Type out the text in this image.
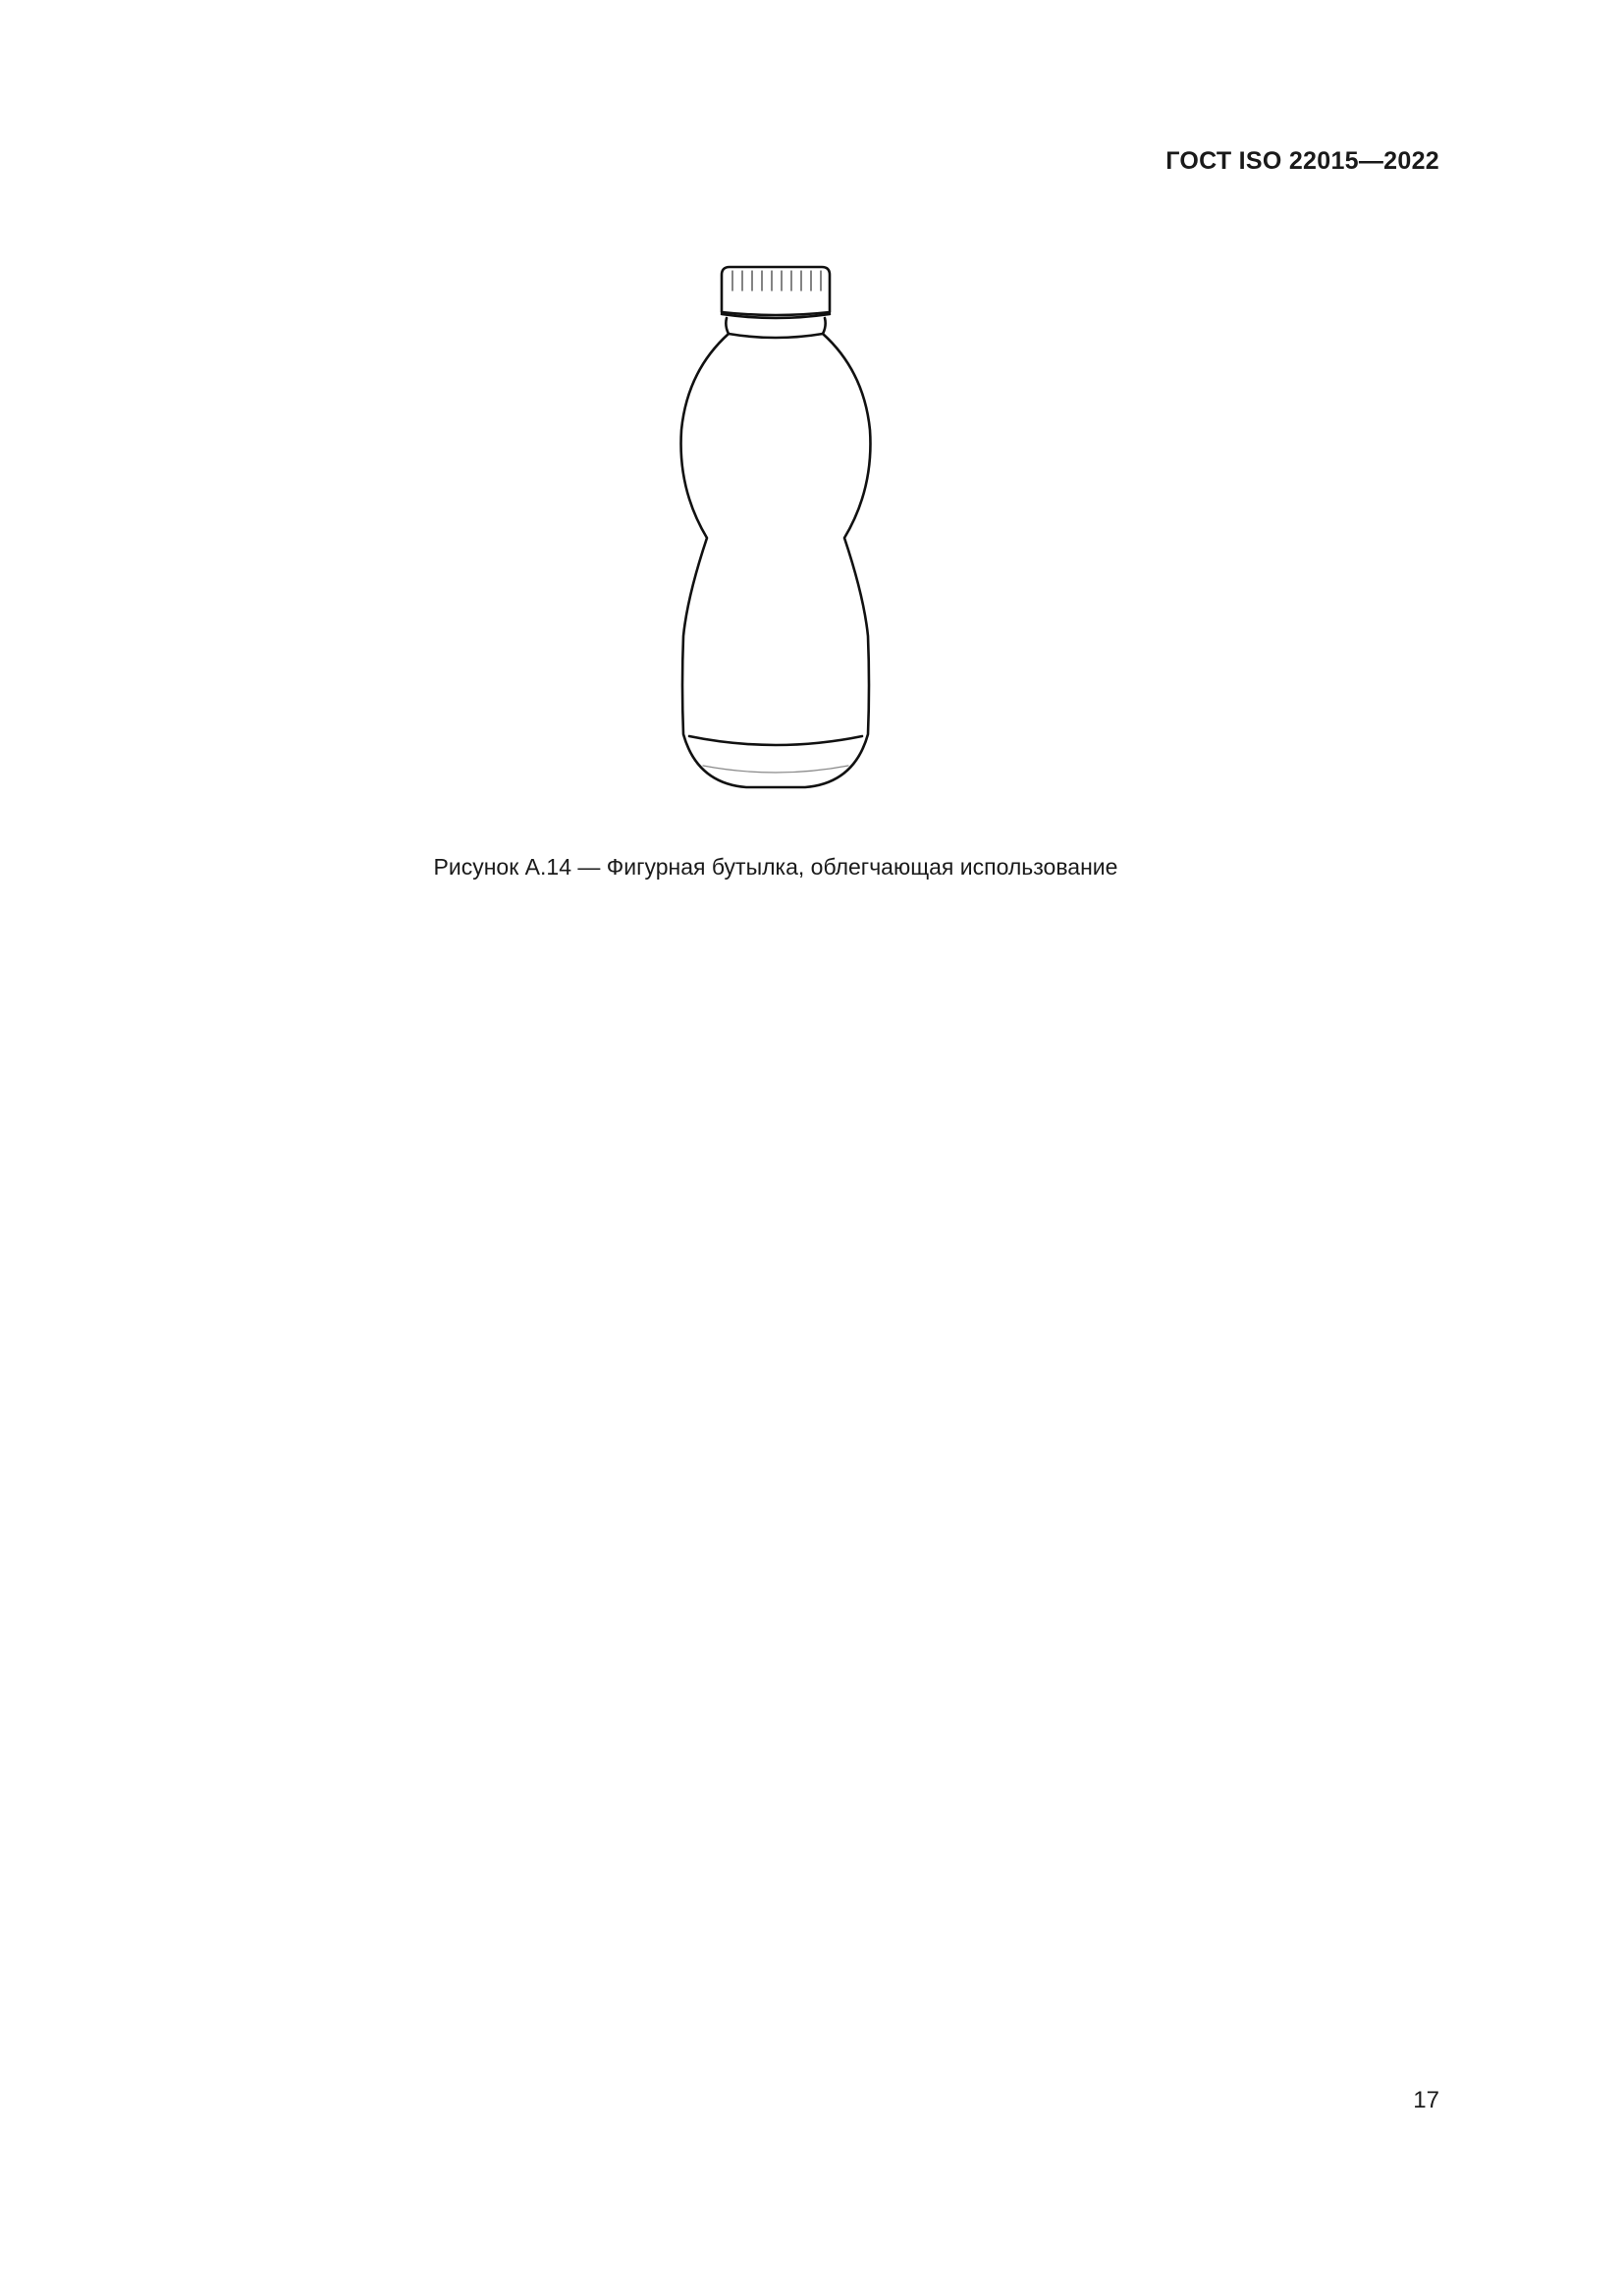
ГОСТ ISO 22015—2022
Рисунок А.14 — Фигурная бутылка, облегчающая использование
17
